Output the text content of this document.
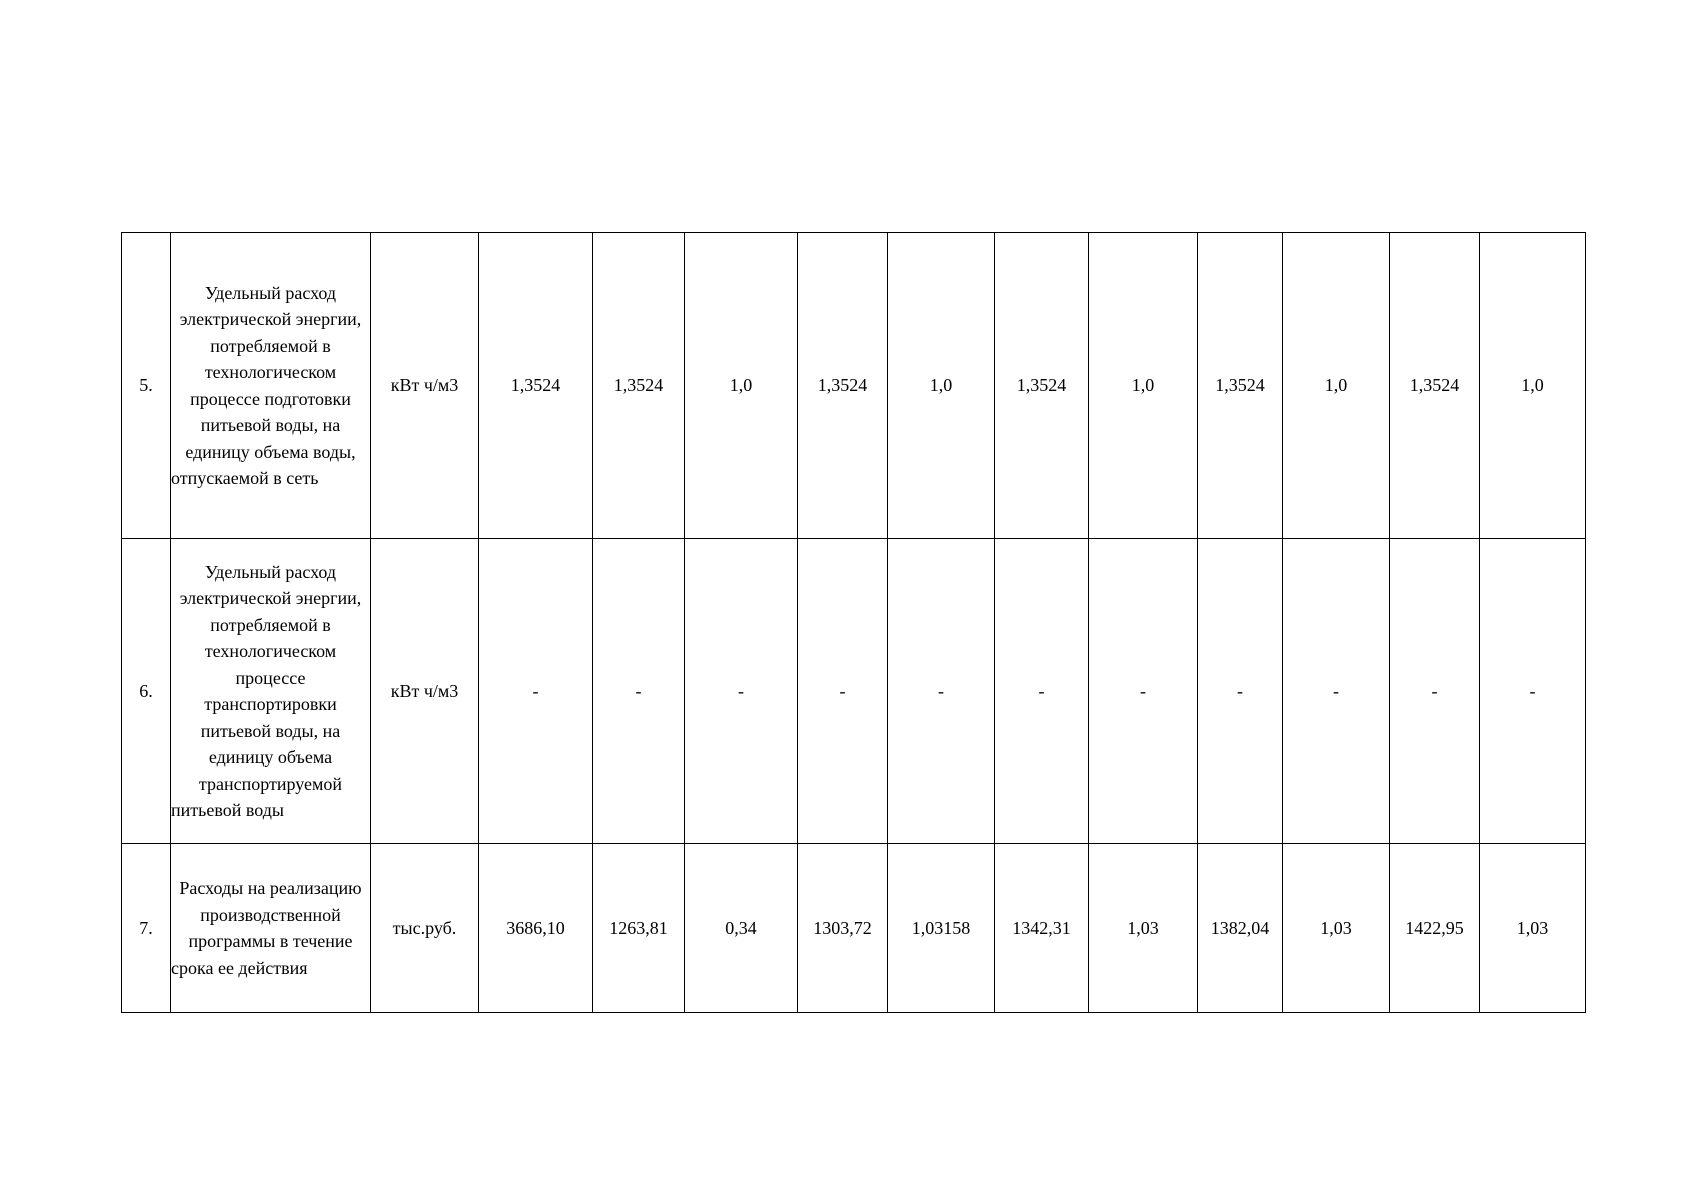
5.	Удельный расход электрической энергии, потребляемой в технологическом процессе подготовки питьевой воды, на единицу объема воды, отпускаемой в сеть	кВт ч/м3	1,3524	1,3524	1,0	1,3524	1,0	1,3524	1,0	1,3524	1,0	1,3524	1,0
6.	Удельный расход электрической энергии, потребляемой в технологическом процессе транспортировки питьевой воды, на единицу объема транспортируемой питьевой воды	кВт ч/м3	-	-	-	-	-	-	-	-	-	-	-
7.	Расходы на реализацию производственной программы в течение срока ее действия	тыс.руб.	3686,10	1263,81	0,34	1303,72	1,03158	1342,31	1,03	1382,04	1,03	1422,95	1,03
